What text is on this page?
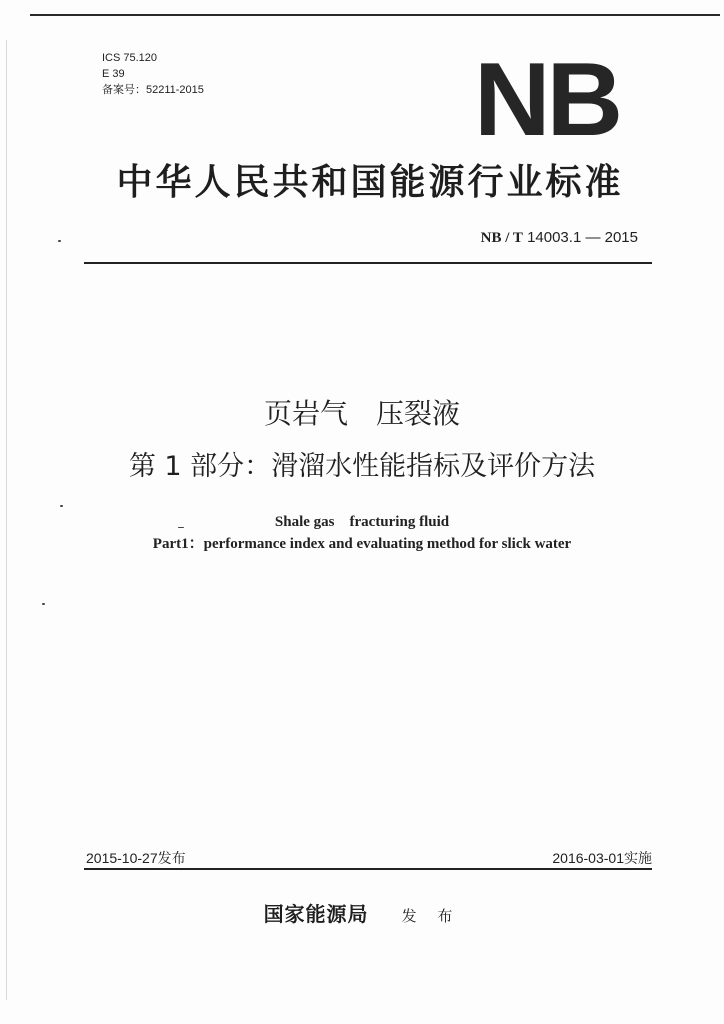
ICS 75.120
E 39
备案号：52211-2015	NB
中华人民共和国能源行业标准
NB / T 14003.1 — 2015
页岩气　压裂液
第 1 部分：滑溜水性能指标及评价方法
Shale gas　fracturing fluid
Part1：performance index and evaluating method for slick water
2015-10-27发布	2016-03-01实施
国家能源局 发 布
